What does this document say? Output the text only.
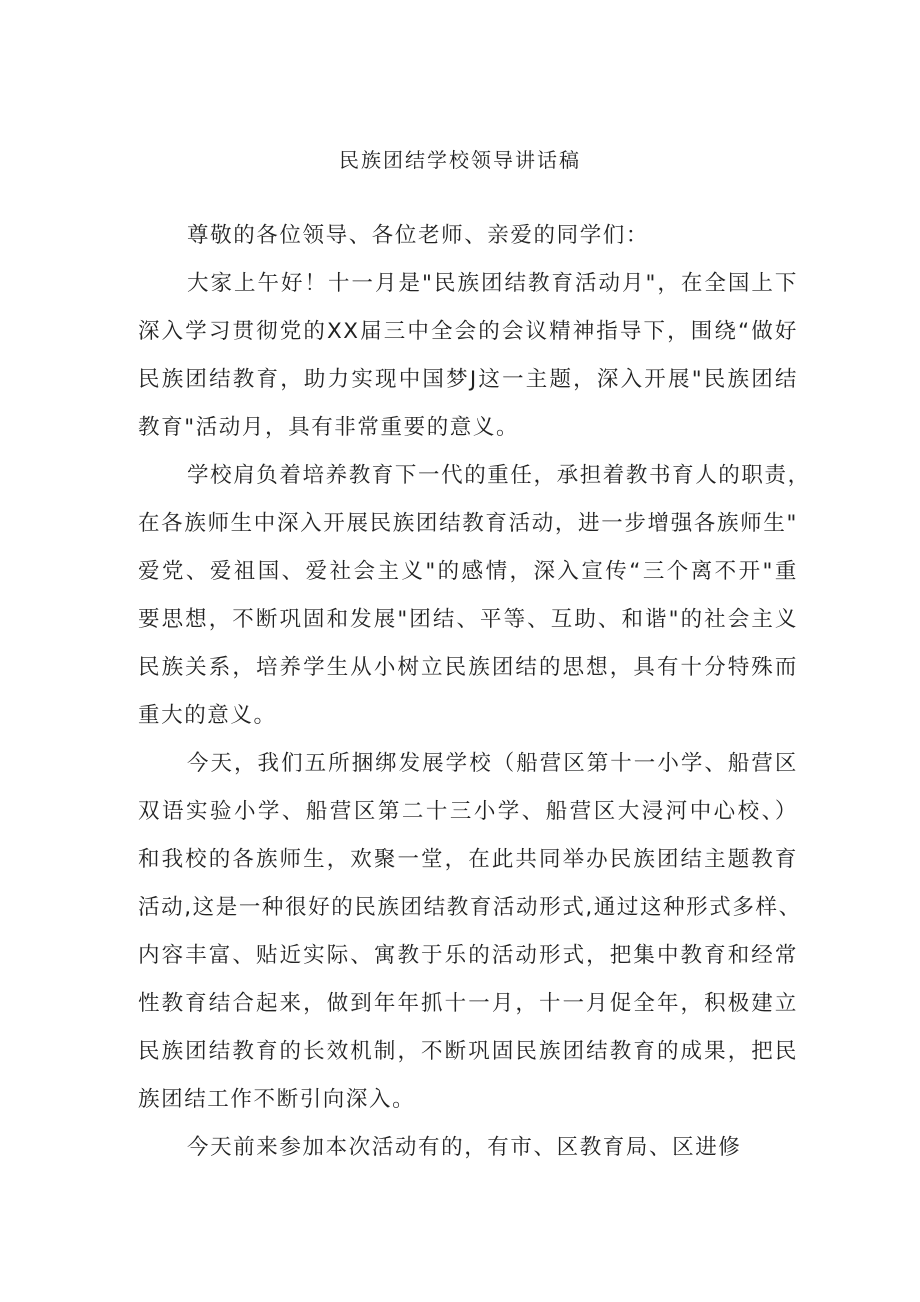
民族团结学校领导讲话稿
尊敬的各位领导、各位老师、亲爱的同学们：
大家上午好！十一月是"民族团结教育活动月"，在全国上下
深入学习贯彻党的XX届三中全会的会议精神指导下，围绕“做好
民族团结教育，助力实现中国梦J这一主题，深入开展"民族团结
教育"活动月，具有非常重要的意义。
学校肩负着培养教育下一代的重任，承担着教书育人的职责，
在各族师生中深入开展民族团结教育活动，进一步增强各族师生"
爱党、爱祖国、爱社会主义"的感情，深入宣传“三个离不开"重
要思想，不断巩固和发展"团结、平等、互助、和谐"的社会主义
民族关系，培养学生从小树立民族团结的思想，具有十分特殊而
重大的意义。
今天，我们五所捆绑发展学校（船营区第十一小学、船营区
双语实验小学、船营区第二十三小学、船营区大浸河中心校、）
和我校的各族师生，欢聚一堂，在此共同举办民族团结主题教育
活动,这是一种很好的民族团结教育活动形式,通过这种形式多样、
内容丰富、贴近实际、寓教于乐的活动形式，把集中教育和经常
性教育结合起来，做到年年抓十一月，十一月促全年，积极建立
民族团结教育的长效机制，不断巩固民族团结教育的成果，把民
族团结工作不断引向深入。
今天前来参加本次活动有的，有市、区教育局、区进修
